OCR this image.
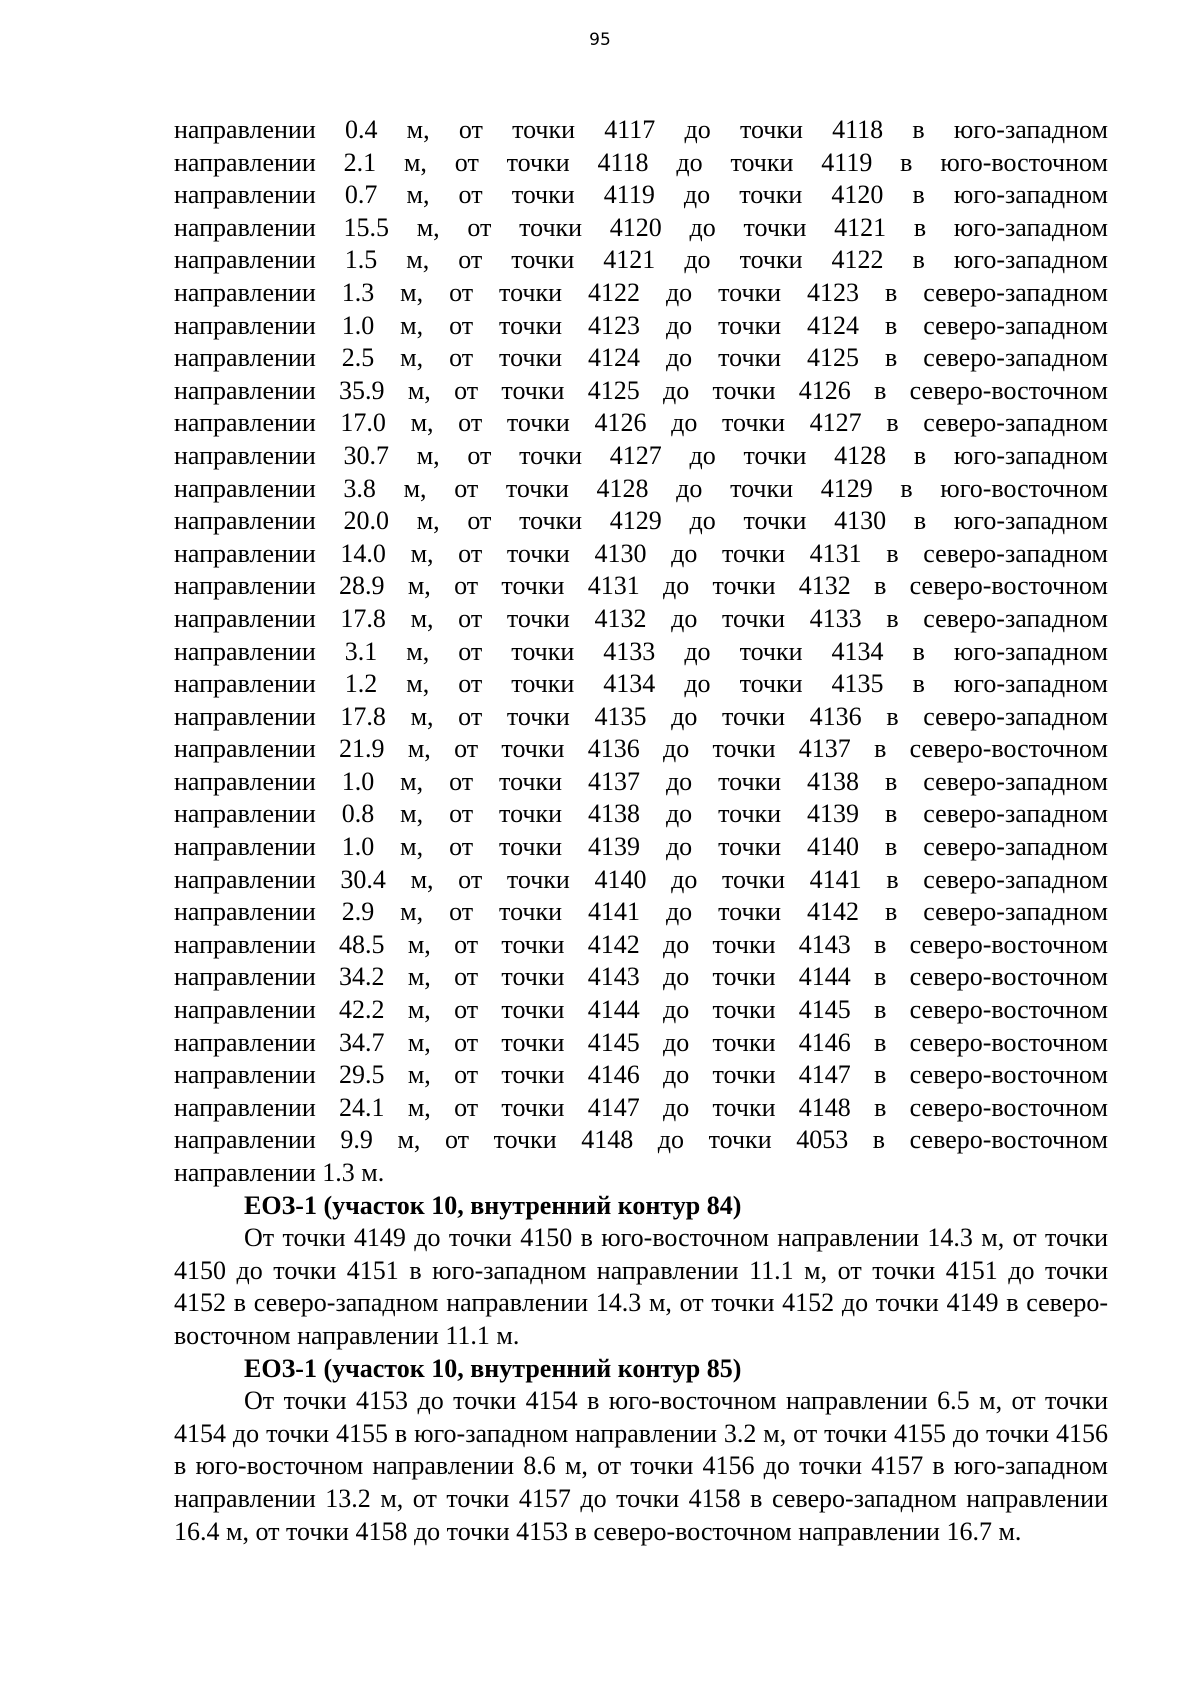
95
направлении 0.4 м, от точки 4117 до точки 4118 в юго-западном
направлении 2.1 м, от точки 4118 до точки 4119 в юго-восточном
направлении 0.7 м, от точки 4119 до точки 4120 в юго-западном
направлении 15.5 м, от точки 4120 до точки 4121 в юго-западном
направлении 1.5 м, от точки 4121 до точки 4122 в юго-западном
направлении 1.3 м, от точки 4122 до точки 4123 в северо-западном
направлении 1.0 м, от точки 4123 до точки 4124 в северо-западном
направлении 2.5 м, от точки 4124 до точки 4125 в северо-западном
направлении 35.9 м, от точки 4125 до точки 4126 в северо-восточном
направлении 17.0 м, от точки 4126 до точки 4127 в северо-западном
направлении 30.7 м, от точки 4127 до точки 4128 в юго-западном
направлении 3.8 м, от точки 4128 до точки 4129 в юго-восточном
направлении 20.0 м, от точки 4129 до точки 4130 в юго-западном
направлении 14.0 м, от точки 4130 до точки 4131 в северо-западном
направлении 28.9 м, от точки 4131 до точки 4132 в северо-восточном
направлении 17.8 м, от точки 4132 до точки 4133 в северо-западном
направлении 3.1 м, от точки 4133 до точки 4134 в юго-западном
направлении 1.2 м, от точки 4134 до точки 4135 в юго-западном
направлении 17.8 м, от точки 4135 до точки 4136 в северо-западном
направлении 21.9 м, от точки 4136 до точки 4137 в северо-восточном
направлении 1.0 м, от точки 4137 до точки 4138 в северо-западном
направлении 0.8 м, от точки 4138 до точки 4139 в северо-западном
направлении 1.0 м, от точки 4139 до точки 4140 в северо-западном
направлении 30.4 м, от точки 4140 до точки 4141 в северо-западном
направлении 2.9 м, от точки 4141 до точки 4142 в северо-западном
направлении 48.5 м, от точки 4142 до точки 4143 в северо-восточном
направлении 34.2 м, от точки 4143 до точки 4144 в северо-восточном
направлении 42.2 м, от точки 4144 до точки 4145 в северо-восточном
направлении 34.7 м, от точки 4145 до точки 4146 в северо-восточном
направлении 29.5 м, от точки 4146 до точки 4147 в северо-восточном
направлении 24.1 м, от точки 4147 до точки 4148 в северо-восточном
направлении 9.9 м, от точки 4148 до точки 4053 в северо-восточном
направлении 1.3 м.
ЕОЗ-1 (участок 10, внутренний контур 84)
От точки 4149 до точки 4150 в юго-восточном направлении 14.3 м, от точки 4150 до точки 4151 в юго-западном направлении 11.1 м, от точки 4151 до точки 4152 в северо-западном направлении 14.3 м, от точки 4152 до точки 4149 в северо-восточном направлении 11.1 м.
ЕОЗ-1 (участок 10, внутренний контур 85)
От точки 4153 до точки 4154 в юго-восточном направлении 6.5 м, от точки 4154 до точки 4155 в юго-западном направлении 3.2 м, от точки 4155 до точки 4156 в юго-восточном направлении 8.6 м, от точки 4156 до точки 4157 в юго-западном направлении 13.2 м, от точки 4157 до точки 4158 в северо-западном направлении 16.4 м, от точки 4158 до точки 4153 в северо-восточном направлении 16.7 м.
